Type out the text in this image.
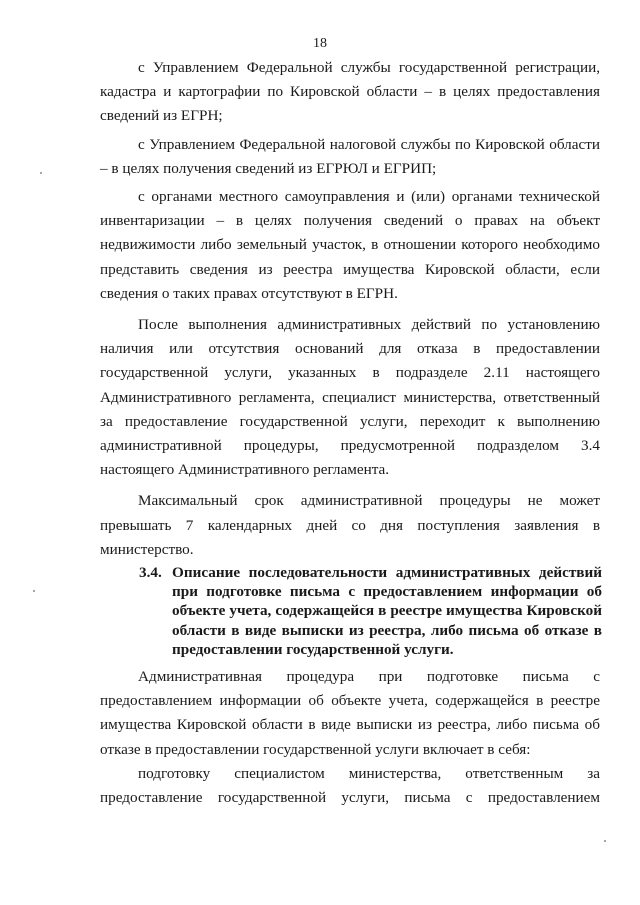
18

с Управлением Федеральной службы государственной регистрации, кадастра и картографии по Кировской области – в целях предоставления сведений из ЕГРН;

с Управлением Федеральной налоговой службы по Кировской области – в целях получения сведений из ЕГРЮЛ и ЕГРИП;

с органами местного самоуправления и (или) органами технической инвентаризации – в целях получения сведений о правах на объект недвижимости либо земельный участок, в отношении которого необходимо представить сведения из реестра имущества Кировской области, если сведения о таких правах отсутствуют в ЕГРН.

После выполнения административных действий по установлению наличия или отсутствия оснований для отказа в предоставлении государственной услуги, указанных в подразделе 2.11 настоящего Административного регламента, специалист министерства, ответственный за предоставление государственной услуги, переходит к выполнению административной процедуры, предусмотренной подразделом 3.4 настоящего Административного регламента.

Максимальный срок административной процедуры не может превышать 7 календарных дней со дня поступления заявления в министерство.

3.4. Описание последовательности административных действий при подготовке письма с предоставлением информации об объекте учета, содержащейся в реестре имущества Кировской области в виде выписки из реестра, либо письма об отказе в предоставлении государственной услуги.

Административная процедура при подготовке письма с предоставлением информации об объекте учета, содержащейся в реестре имущества Кировской области в виде выписки из реестра, либо письма об отказе в предоставлении государственной услуги включает в себя:

подготовку специалистом министерства, ответственным за предоставление государственной услуги, письма с предоставлением
